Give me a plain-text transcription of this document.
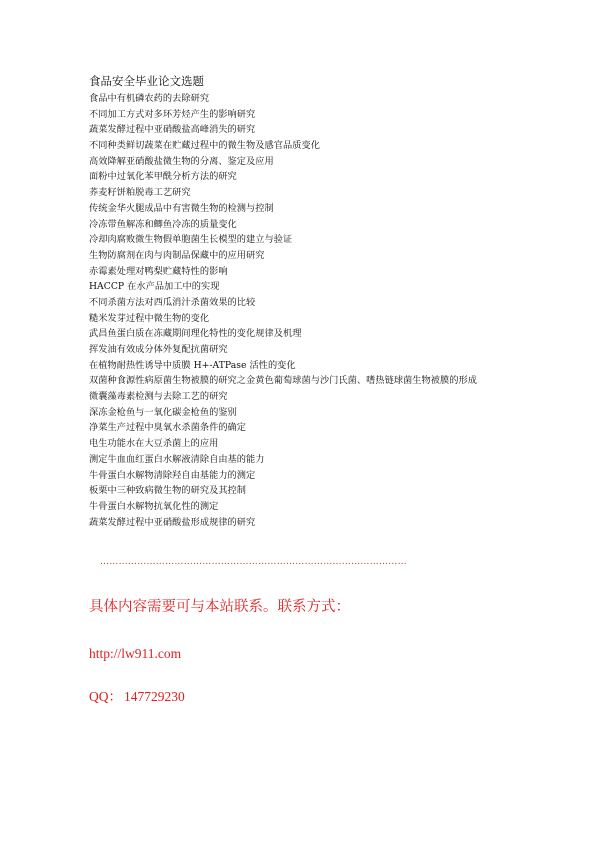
食品安全毕业论文选题
食品中有机磷农药的去除研究
不同加工方式对多环芳烃产生的影响研究
蔬菜发酵过程中亚硝酸盐高峰消失的研究
不同种类鲜切蔬菜在贮藏过程中的微生物及感官品质变化
高效降解亚硝酸盐微生物的分离、鉴定及应用
面粉中过氧化苯甲酰分析方法的研究
荞麦籽饼粕脱毒工艺研究
传统金华火腿成品中有害微生物的检测与控制
冷冻带鱼解冻和鲫鱼冷冻的质量变化
冷却肉腐败微生物假单胞菌生长模型的建立与验证
生物防腐剂在肉与肉制品保藏中的应用研究
赤霉素处理对鸭梨贮藏特性的影响
HACCP 在水产品加工中的实现
不同杀菌方法对西瓜消汁杀菌效果的比较
糙米发芽过程中微生物的变化
武昌鱼蛋白质在冻藏期间理化特性的变化规律及机理
挥发油有效成分体外复配抗菌研究
在植物耐热性诱导中质膜 H+-ATPase 活性的变化
双菌种食源性病原菌生物被膜的研究之金黄色葡萄球菌与沙门氏菌、嗜热链球菌生物被膜的形成
微囊藻毒素检测与去除工艺的研究
深冻金枪鱼与一氧化碳金枪鱼的鉴别
净菜生产过程中臭氧水杀菌条件的确定
电生功能水在大豆杀菌上的应用
测定牛血血红蛋白水解液清除自由基的能力
牛骨蛋白水解物清除羟自由基能力的测定
板栗中三种致病微生物的研究及其控制
牛骨蛋白水解物抗氧化性的测定
蔬菜发酵过程中亚硝酸盐形成规律的研究
………………………………………………………………………………………
具体内容需要可与本站联系。联系方式：
http://lw911.com
QQ： 147729230
